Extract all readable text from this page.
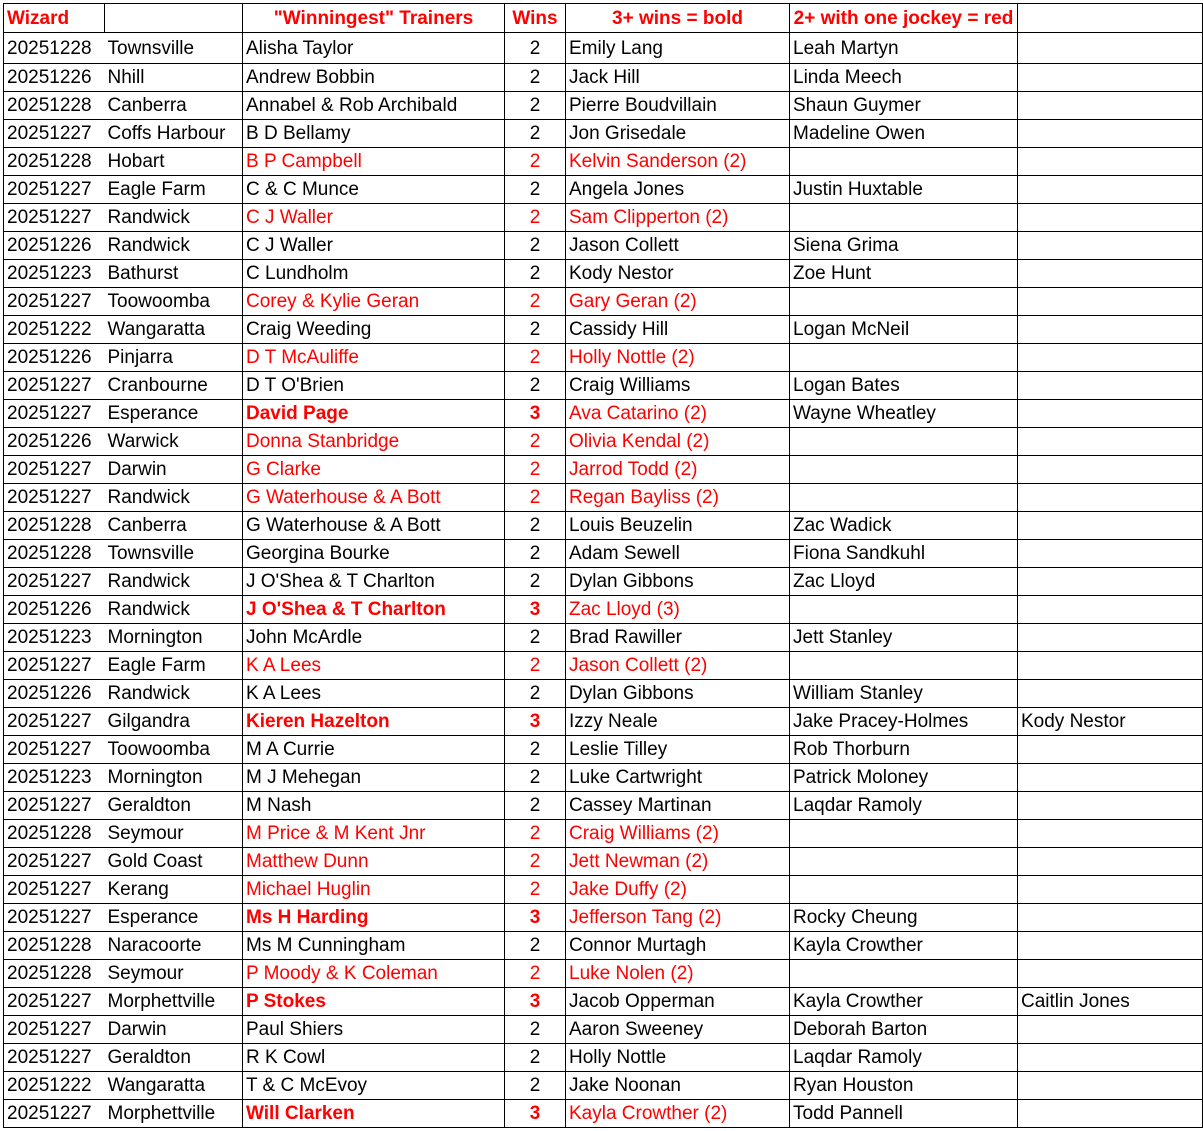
Wizard		"Winningest" Trainers	Wins	3+ wins = bold	2+ with one jockey = red	
20251228	Townsville	Alisha Taylor	2	Emily Lang	Leah Martyn	
20251226	Nhill	Andrew Bobbin	2	Jack Hill	Linda Meech	
20251228	Canberra	Annabel & Rob Archibald	2	Pierre Boudvillain	Shaun Guymer	
20251227	Coffs Harbour	B D Bellamy	2	Jon Grisedale	Madeline Owen	
20251228	Hobart	B P Campbell	2	Kelvin Sanderson (2)		
20251227	Eagle Farm	C & C Munce	2	Angela Jones	Justin Huxtable	
20251227	Randwick	C J Waller	2	Sam Clipperton (2)		
20251226	Randwick	C J Waller	2	Jason Collett	Siena Grima	
20251223	Bathurst	C Lundholm	2	Kody Nestor	Zoe Hunt	
20251227	Toowoomba	Corey & Kylie Geran	2	Gary Geran (2)		
20251222	Wangaratta	Craig Weeding	2	Cassidy Hill	Logan McNeil	
20251226	Pinjarra	D T McAuliffe	2	Holly Nottle (2)		
20251227	Cranbourne	D T O'Brien	2	Craig Williams	Logan Bates	
20251227	Esperance	David Page	3	Ava Catarino (2)	Wayne Wheatley	
20251226	Warwick	Donna Stanbridge	2	Olivia Kendal (2)		
20251227	Darwin	G Clarke	2	Jarrod Todd (2)		
20251227	Randwick	G Waterhouse & A Bott	2	Regan Bayliss (2)		
20251228	Canberra	G Waterhouse & A Bott	2	Louis Beuzelin	Zac Wadick	
20251228	Townsville	Georgina Bourke	2	Adam Sewell	Fiona Sandkuhl	
20251227	Randwick	J O'Shea & T Charlton	2	Dylan Gibbons	Zac Lloyd	
20251226	Randwick	J O'Shea & T Charlton	3	Zac Lloyd (3)		
20251223	Mornington	John McArdle	2	Brad Rawiller	Jett Stanley	
20251227	Eagle Farm	K A Lees	2	Jason Collett (2)		
20251226	Randwick	K A Lees	2	Dylan Gibbons	William Stanley	
20251227	Gilgandra	Kieren Hazelton	3	Izzy Neale	Jake Pracey-Holmes	Kody Nestor
20251227	Toowoomba	M A Currie	2	Leslie Tilley	Rob Thorburn	
20251223	Mornington	M J Mehegan	2	Luke Cartwright	Patrick Moloney	
20251227	Geraldton	M Nash	2	Cassey Martinan	Laqdar Ramoly	
20251228	Seymour	M Price & M Kent Jnr	2	Craig Williams (2)		
20251227	Gold Coast	Matthew Dunn	2	Jett Newman (2)		
20251227	Kerang	Michael Huglin	2	Jake Duffy (2)		
20251227	Esperance	Ms H Harding	3	Jefferson Tang (2)	Rocky Cheung	
20251228	Naracoorte	Ms M Cunningham	2	Connor Murtagh	Kayla Crowther	
20251228	Seymour	P Moody & K Coleman	2	Luke Nolen (2)		
20251227	Morphettville	P Stokes	3	Jacob Opperman	Kayla Crowther	Caitlin Jones
20251227	Darwin	Paul Shiers	2	Aaron Sweeney	Deborah Barton	
20251227	Geraldton	R K Cowl	2	Holly Nottle	Laqdar Ramoly	
20251222	Wangaratta	T & C McEvoy	2	Jake Noonan	Ryan Houston	
20251227	Morphettville	Will Clarken	3	Kayla Crowther (2)	Todd Pannell	
